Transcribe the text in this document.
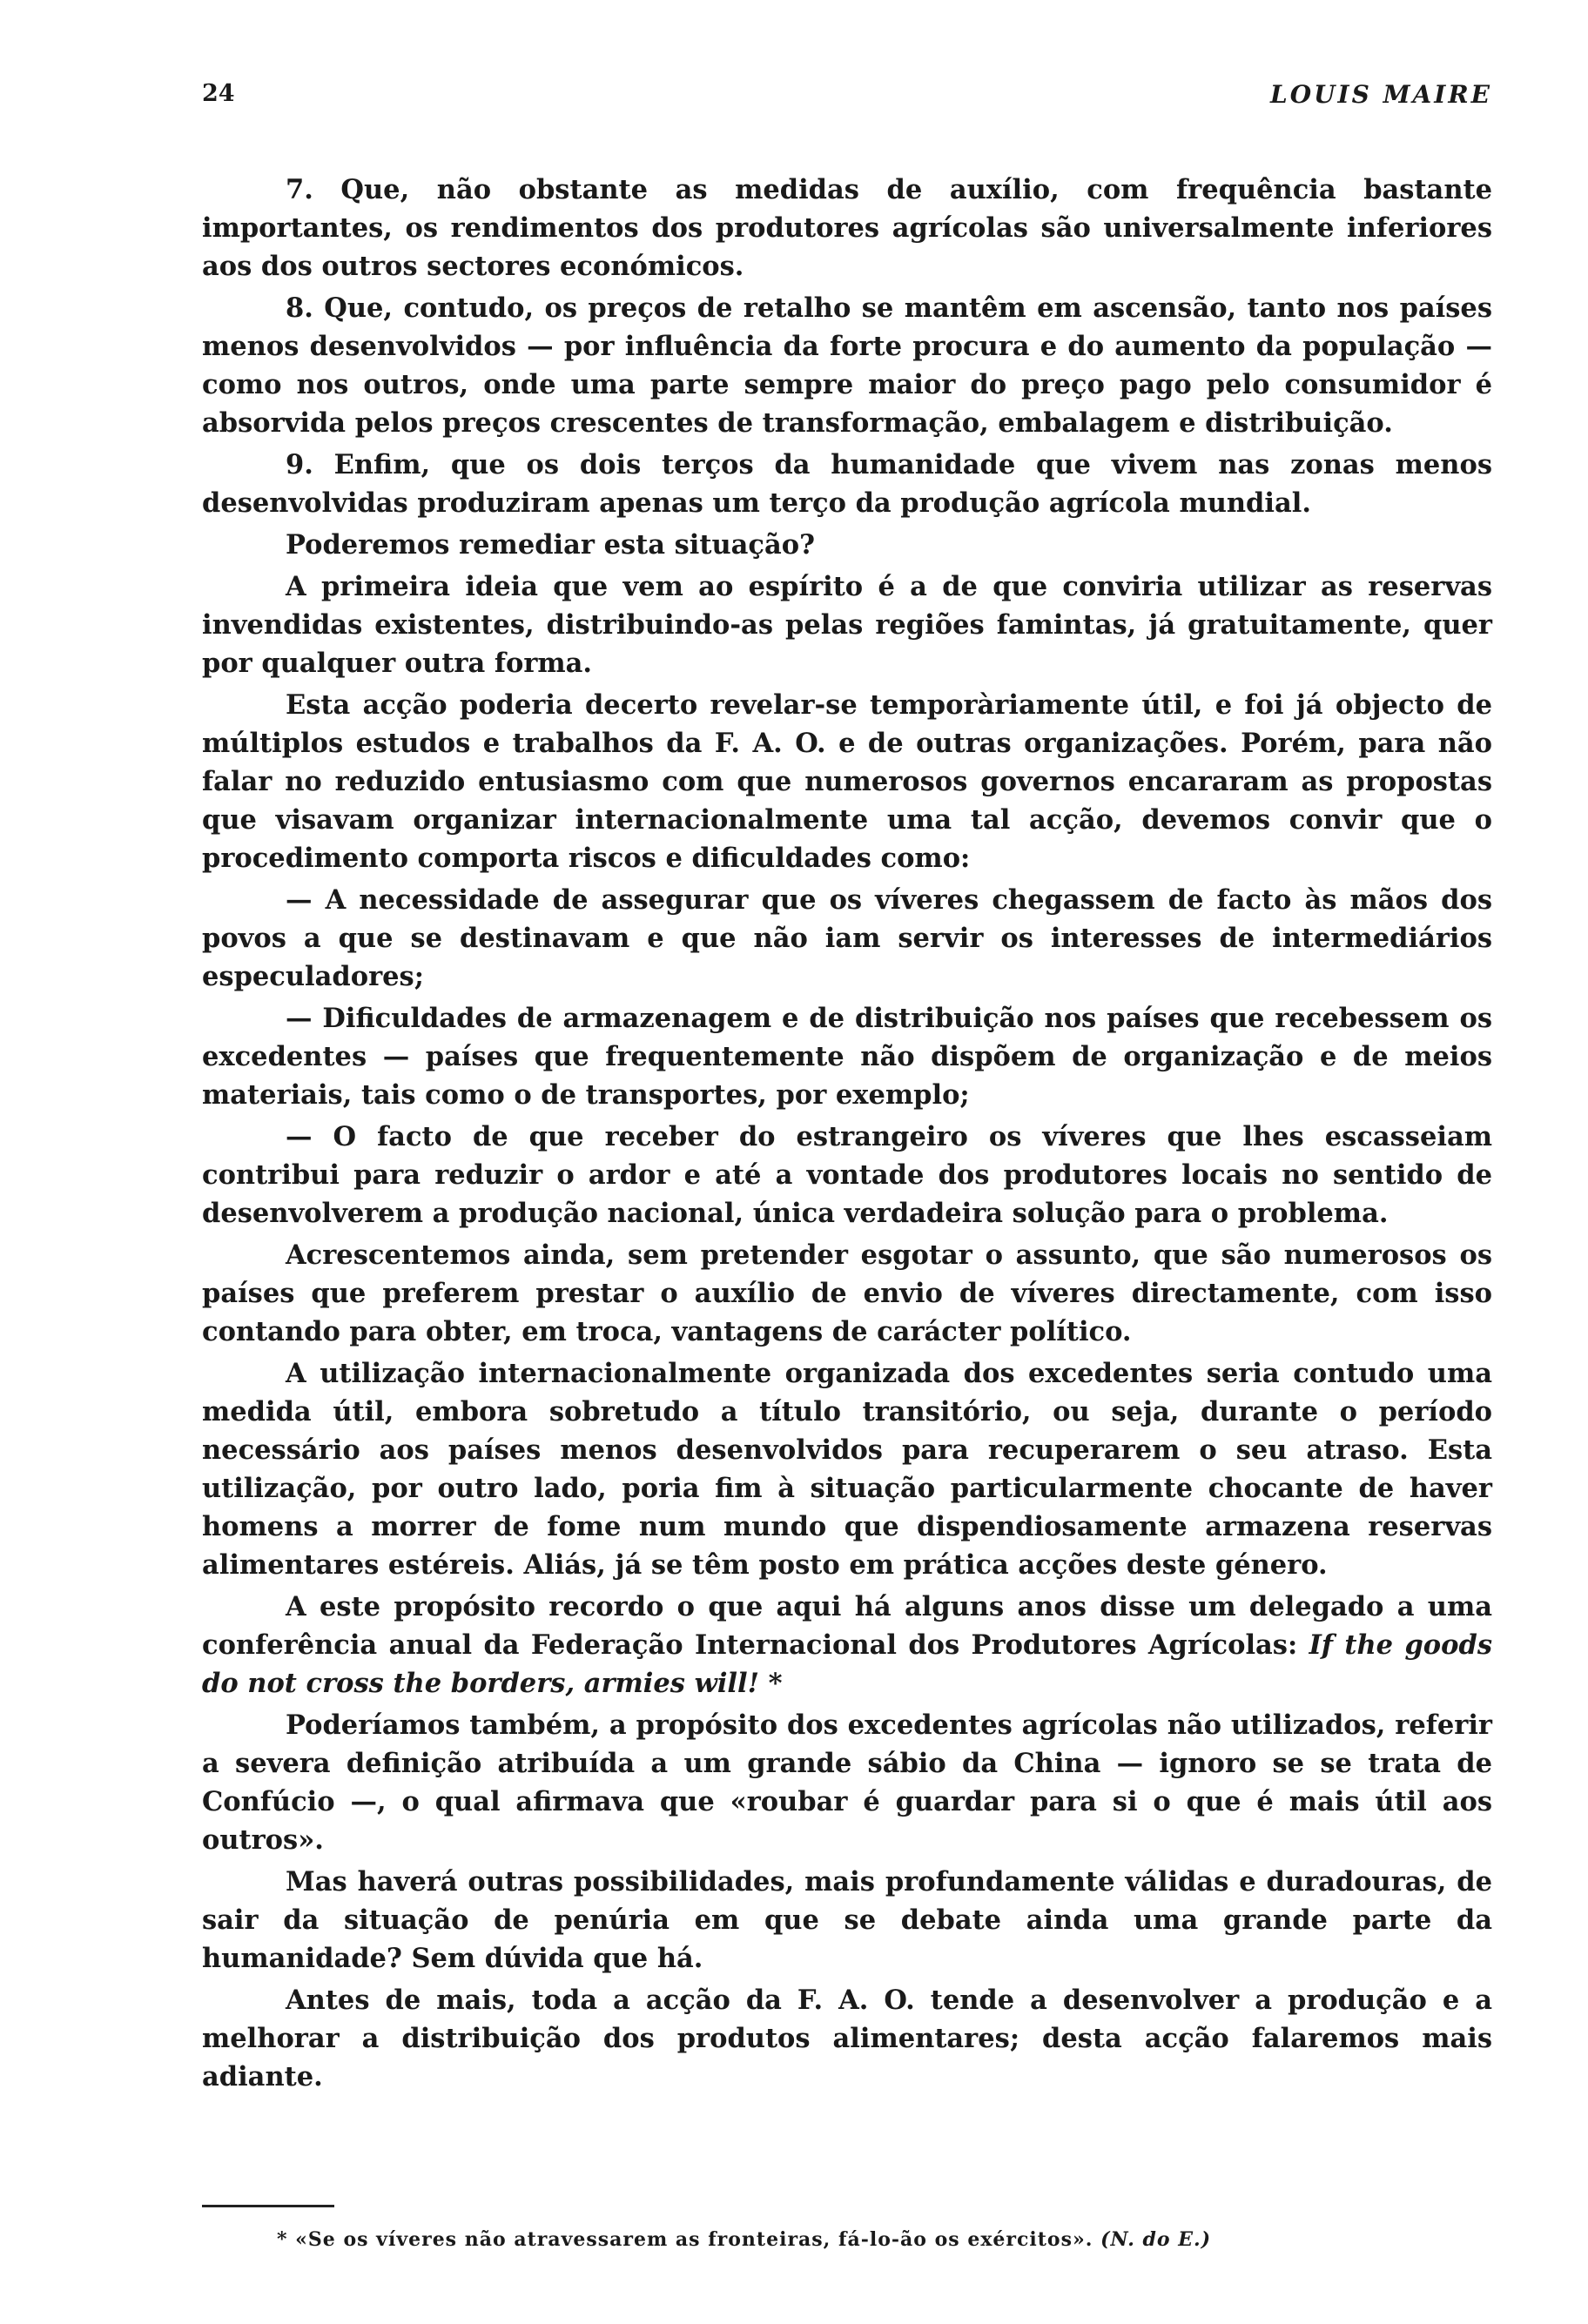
24	LOUIS MAIRE

7. Que, não obstante as medidas de auxílio, com frequência bastante importantes, os rendimentos dos produtores agrícolas são universalmente inferiores aos dos outros sectores económicos.

8. Que, contudo, os preços de retalho se mantêm em ascensão, tanto nos países menos desenvolvidos — por influência da forte procura e do aumento da população — como nos outros, onde uma parte sempre maior do preço pago pelo consumidor é absorvida pelos preços crescentes de transformação, embalagem e distribuição.

9. Enfim, que os dois terços da humanidade que vivem nas zonas menos desenvolvidas produziram apenas um terço da produção agrícola mundial.

Poderemos remediar esta situação?

A primeira ideia que vem ao espírito é a de que conviria utilizar as reservas invendidas existentes, distribuindo-as pelas regiões famintas, já gratuitamente, quer por qualquer outra forma.

Esta acção poderia decerto revelar-se temporàriamente útil, e foi já objecto de múltiplos estudos e trabalhos da F. A. O. e de outras organizações. Porém, para não falar no reduzido entusiasmo com que numerosos governos encararam as propostas que visavam organizar internacionalmente uma tal acção, devemos convir que o procedimento comporta riscos e dificuldades como:

— A necessidade de assegurar que os víveres chegassem de facto às mãos dos povos a que se destinavam e que não iam servir os interesses de intermediários especuladores;

— Dificuldades de armazenagem e de distribuição nos países que recebessem os excedentes — países que frequentemente não dispõem de organização e de meios materiais, tais como o de transportes, por exemplo;

— O facto de que receber do estrangeiro os víveres que lhes escasseiam contribui para reduzir o ardor e até a vontade dos produtores locais no sentido de desenvolverem a produção nacional, única verdadeira solução para o problema.

Acrescentemos ainda, sem pretender esgotar o assunto, que são numerosos os países que preferem prestar o auxílio de envio de víveres directamente, com isso contando para obter, em troca, vantagens de carácter político.

A utilização internacionalmente organizada dos excedentes seria contudo uma medida útil, embora sobretudo a título transitório, ou seja, durante o período necessário aos países menos desenvolvidos para recuperarem o seu atraso. Esta utilização, por outro lado, poria fim à situação particularmente chocante de haver homens a morrer de fome num mundo que dispendiosamente armazena reservas alimentares estéreis. Aliás, já se têm posto em prática acções deste género.

A este propósito recordo o que aqui há alguns anos disse um delegado a uma conferência anual da Federação Internacional dos Produtores Agrícolas: If the goods do not cross the borders, armies will! *

Poderíamos também, a propósito dos excedentes agrícolas não utilizados, referir a severa definição atribuída a um grande sábio da China — ignoro se se trata de Confúcio —, o qual afirmava que «roubar é guardar para si o que é mais útil aos outros».

Mas haverá outras possibilidades, mais profundamente válidas e duradouras, de sair da situação de penúria em que se debate ainda uma grande parte da humanidade? Sem dúvida que há.

Antes de mais, toda a acção da F. A. O. tende a desenvolver a produção e a melhorar a distribuição dos produtos alimentares; desta acção falaremos mais adiante.

* «Se os víveres não atravessarem as fronteiras, fá-lo-ão os exércitos». (N. do E.)
